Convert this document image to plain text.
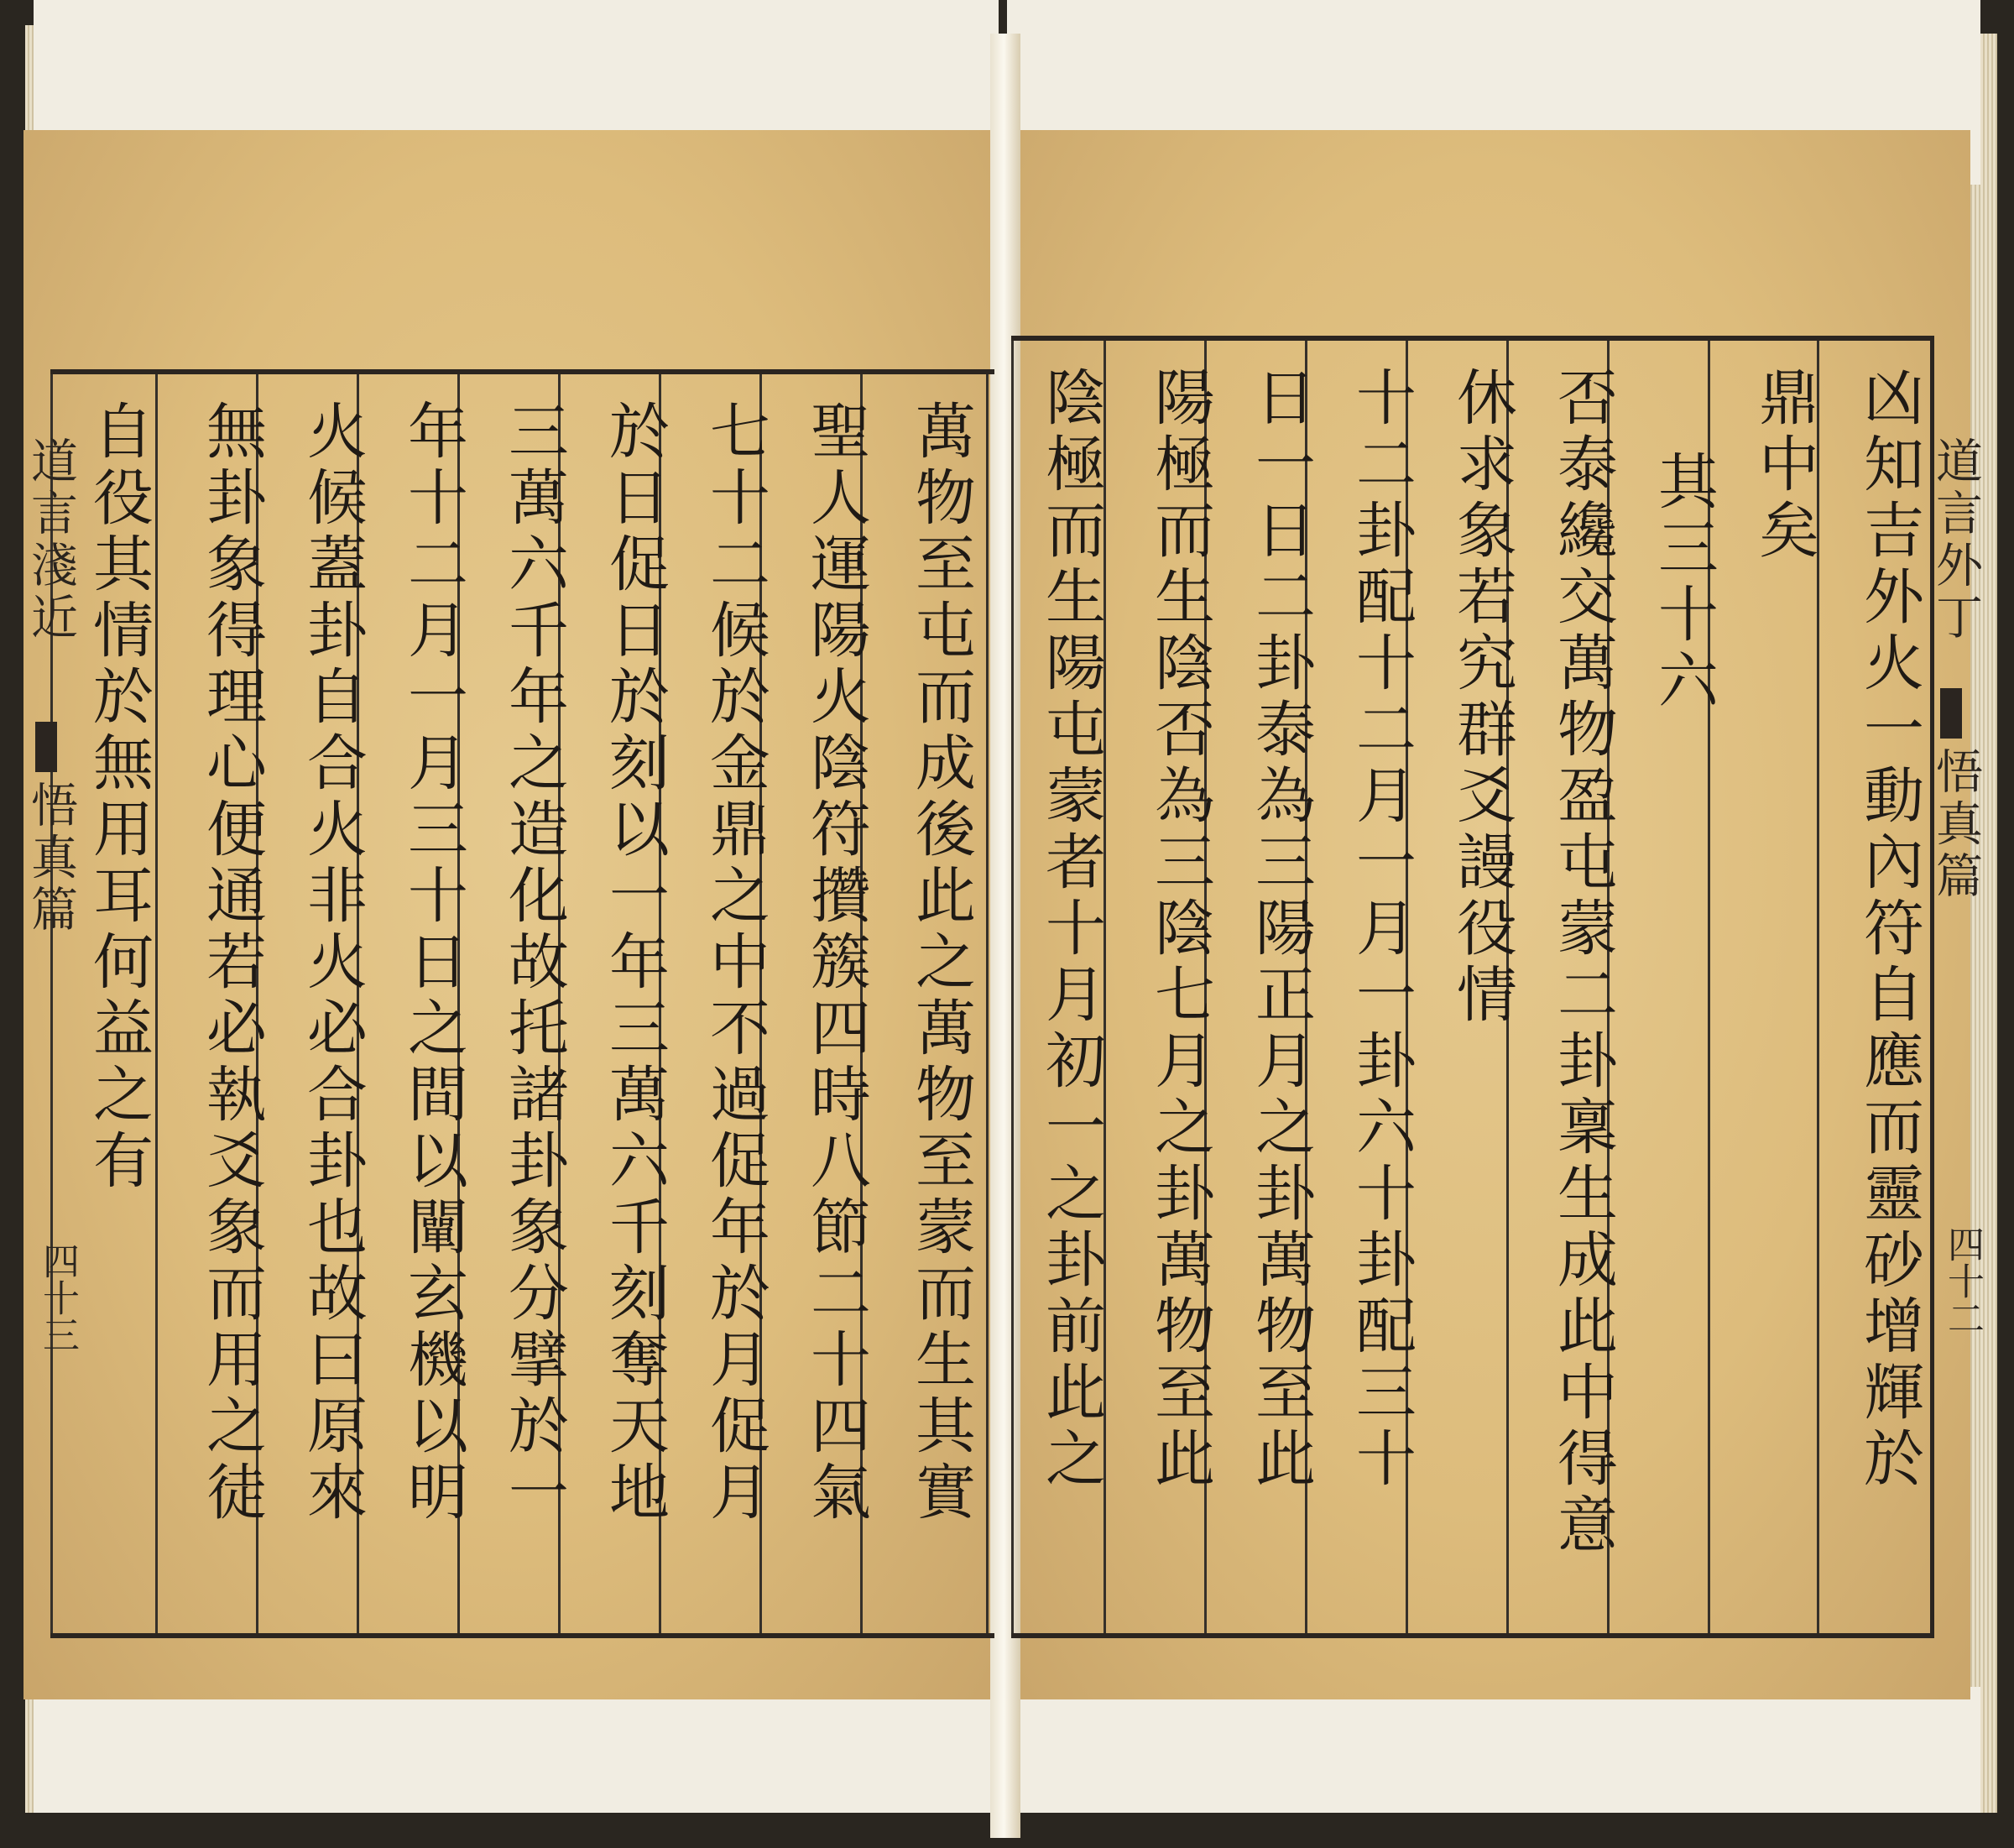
萬物至屯而成後此之萬物至蒙而生其實
聖人運陽火陰符攢簇四時八節二十四氣
七十二候於金鼎之中不過促年於月促月
於日促日於刻以一年三萬六千刻奪天地
三萬六千年之造化故托諸卦象分擘於一
年十二月一月三十日之間以闡玄機以明
火候蓋卦自合火非火必合卦也故曰原來
無卦象得理心便通若必執爻象而用之徒
自役其情於無用耳何益之有
道言淺近
悟真篇
四十三	凶知吉外火一動內符自應而靈砂增輝於
鼎中矣
其三十六
否泰纔交萬物盈屯蒙二卦稟生成此中得意
休求象若究群爻謾役情
十二卦配十二月一月一卦六十卦配三十
日一日二卦泰為三陽正月之卦萬物至此
陽極而生陰否為三陰七月之卦萬物至此
陰極而生陽屯蒙者十月初一之卦前此之	道言外丁
悟真篇
四十二
